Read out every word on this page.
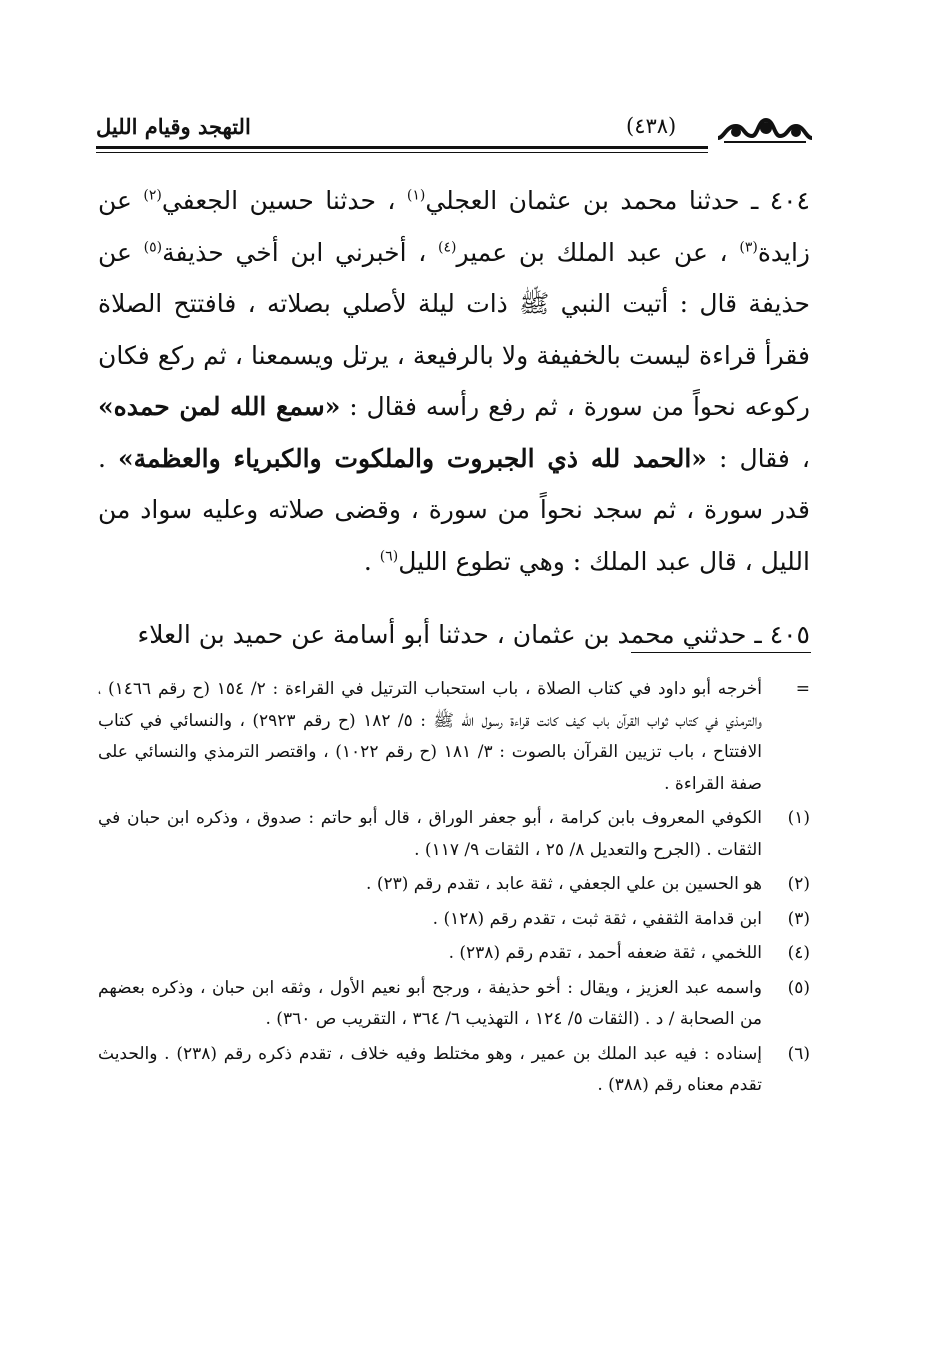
التهجد وقيام الليل	(٤٣٨)

٤٠٤ ـ حدثنا محمد بن عثمان العجلي$^{(١)}$ ، حدثنا حسين الجعفي$^{(٢)}$ عن زايدة$^{(٣)}$ ، عن عبد الملك بن عمير$^{(٤)}$ ، أخبرني ابن أخي حذيفة$^{(٥)}$ عن حذيفة قال : أتيت النبي ﷺ ذات ليلة لأصلي بصلاته ، فافتتح الصلاة فقرأ قراءة ليست بالخفيفة ولا بالرفيعة ، يرتل ويسمعنا ، ثم ركع فكان ركوعه نحواً من سورة ، ثم رفع رأسه فقال : «سمع الله لمن حمده» ، فقال : «الحمد لله ذي الجبروت والملكوت والكبرياء والعظمة» . قدر سورة ، ثم سجد نحواً من سورة ، وقضى صلاته وعليه سواد من الليل ، قال عبد الملك : وهي تطوع الليل$^{(٦)}$ .

٤٠٥ ـ حدثني محمد بن عثمان ، حدثنا أبو أسامة عن حميد بن العلاء

=
أخرجه أبو داود في كتاب الصلاة ، باب استحباب الترتيل في القراءة : ٢/ ١٥٤ (ح رقم ١٤٦٦) ، والترمذي في كتاب ثواب القرآن باب كيف كانت قراءة رسول الله ﷺ : ٥/ ١٨٢ (ح رقم ٢٩٢٣) ، والنسائي في كتاب الافتتاح ، باب تزيين القرآن بالصوت : ٣/ ١٨١ (ح رقم ١٠٢٢) ، واقتصر الترمذي والنسائي على صفة القراءة .
(١)
الكوفي المعروف بابن كرامة ، أبو جعفر الوراق ، قال أبو حاتم : صدوق ، وذكره ابن حبان في الثقات . (الجرح والتعديل ٨/ ٢٥ ، الثقات ٩/ ١١٧) .
(٢)
هو الحسين بن علي الجعفي ، ثقة عابد ، تقدم رقم (٢٣) .
(٣)
ابن قدامة الثقفي ، ثقة ثبت ، تقدم رقم (١٢٨) .
(٤)
اللخمي ، ثقة ضعفه أحمد ، تقدم رقم (٢٣٨) .
(٥)
واسمه عبد العزيز ، ويقال : أخو حذيفة ، ورجح أبو نعيم الأول ، وثقه ابن حبان ، وذكره بعضهم من الصحابة / د . (الثقات ٥/ ١٢٤ ، التهذيب ٦/ ٣٦٤ ، التقريب ص ٣٦٠) .
(٦)
إسناده : فيه عبد الملك بن عمير ، وهو مختلط وفيه خلاف ، تقدم ذكره رقم (٢٣٨) . والحديث تقدم معناه رقم (٣٨٨) .
